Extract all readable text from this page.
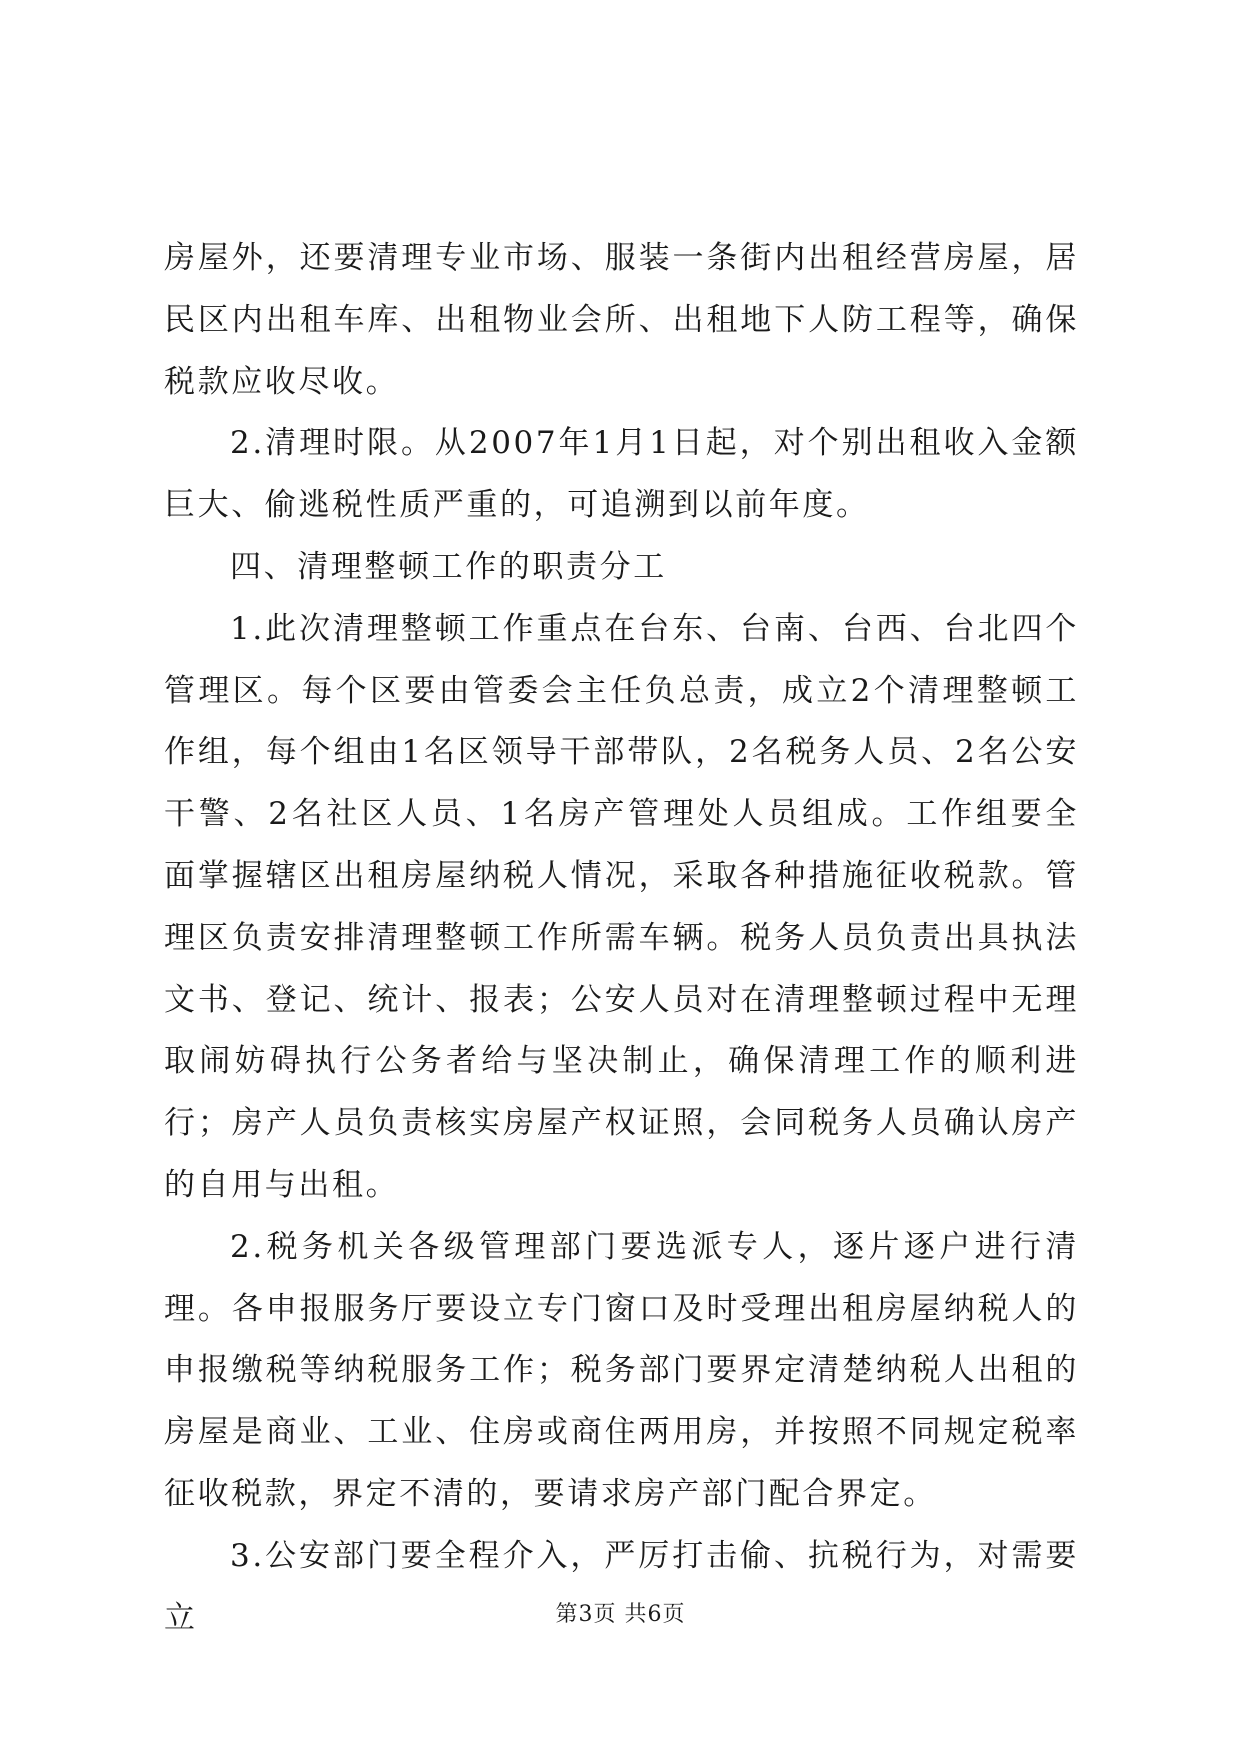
房屋外，还要清理专业市场、服装一条街内出租经营房屋，居民区内出租车库、出租物业会所、出租地下人防工程等，确保税款应收尽收。

2.清理时限。从2007年1月1日起，对个别出租收入金额巨大、偷逃税性质严重的，可追溯到以前年度。

四、清理整顿工作的职责分工

1.此次清理整顿工作重点在台东、台南、台西、台北四个管理区。每个区要由管委会主任负总责，成立2个清理整顿工作组，每个组由1名区领导干部带队，2名税务人员、2名公安干警、2名社区人员、1名房产管理处人员组成。工作组要全面掌握辖区出租房屋纳税人情况，采取各种措施征收税款。管理区负责安排清理整顿工作所需车辆。税务人员负责出具执法文书、登记、统计、报表；公安人员对在清理整顿过程中无理取闹妨碍执行公务者给与坚决制止，确保清理工作的顺利进行；房产人员负责核实房屋产权证照，会同税务人员确认房产的自用与出租。

2.税务机关各级管理部门要选派专人，逐片逐户进行清理。各申报服务厅要设立专门窗口及时受理出租房屋纳税人的申报缴税等纳税服务工作；税务部门要界定清楚纳税人出租的房屋是商业、工业、住房或商住两用房，并按照不同规定税率征收税款，界定不清的，要请求房产部门配合界定。

3.公安部门要全程介入，严厉打击偷、抗税行为，对需要立	第3页 共6页
